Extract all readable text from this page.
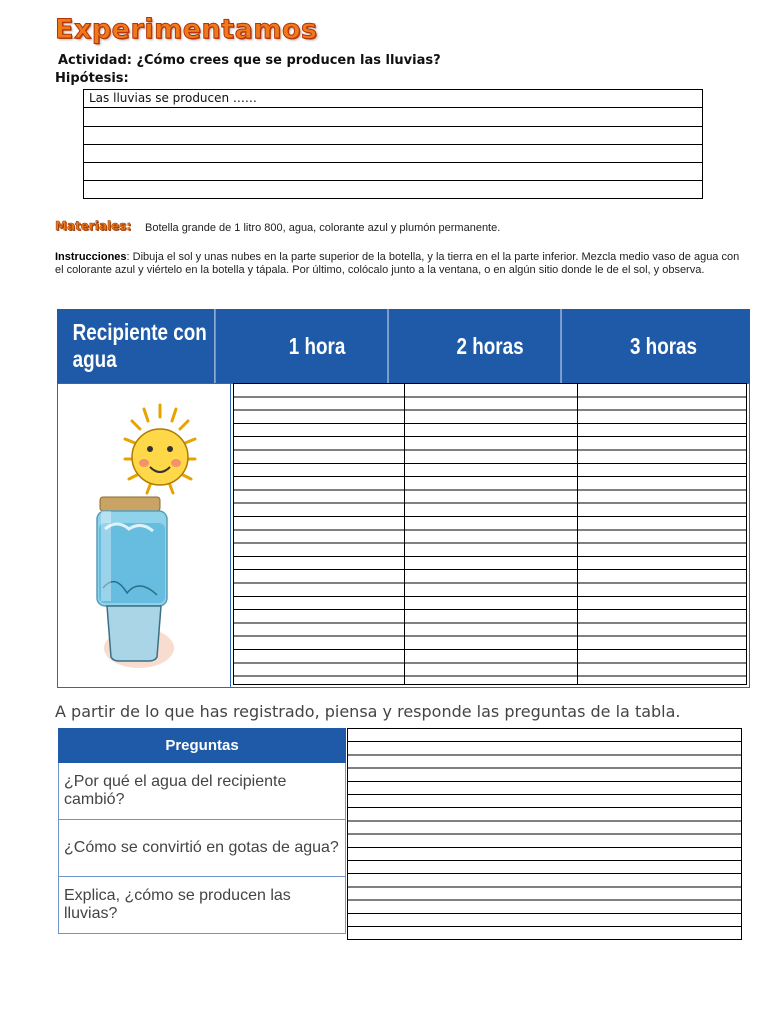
Experimentamos
Actividad: ¿Cómo crees que se producen las lluvias?
Hipótesis:
Las lluvias se producen ……
Materiales: Botella grande de 1 litro 800, agua, colorante azul y plumón permanente.
Instrucciones: Dibuja el sol y unas nubes en la parte superior de la botella, y la tierra en el la parte inferior. Mezcla medio vaso de agua con el colorante azul y viértelo en la botella y tápala. Por último, colócalo junto a la ventana, o en algún sitio donde le de el sol, y observa.
Recipiente con agua
1 hora	2 horas	3 horas
A partir de lo que has registrado, piensa y responde las preguntas de la tabla.
Preguntas
¿Por qué el agua del recipiente cambió?
¿Cómo se convirtió en gotas de agua?
Explica, ¿cómo se producen las lluvias?
